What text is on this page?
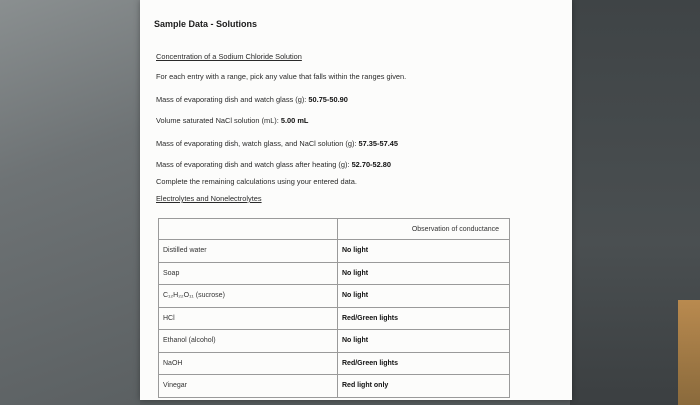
Sample Data - Solutions
Concentration of a Sodium Chloride Solution
For each entry with a range, pick any value that falls within the ranges given.
Mass of evaporating dish and watch glass (g): 50.75-50.90
Volume saturated NaCl solution (mL): 5.00 mL
Mass of evaporating dish, watch glass, and NaCl solution (g): 57.35-57.45
Mass of evaporating dish and watch glass after heating (g): 52.70-52.80
Complete the remaining calculations using your entered data.
Electrolytes and Nonelectrolytes
	Observation of conductance
Distilled water	No light
Soap	No light
C₁₂H₂₂O₁₁ (sucrose)	No light
HCl	Red/Green lights
Ethanol (alcohol)	No light
NaOH	Red/Green lights
Vinegar	Red light only
